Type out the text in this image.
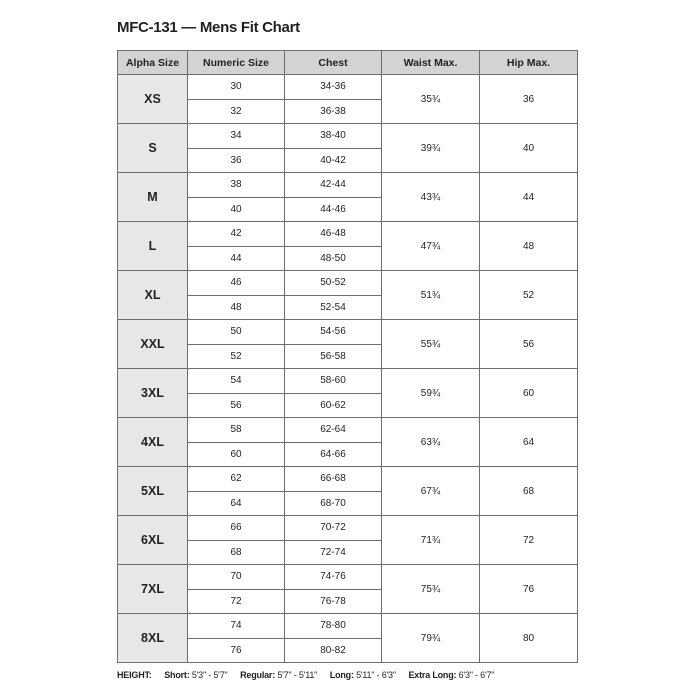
MFC-131 — Mens Fit Chart
Alpha Size	Numeric Size	Chest	Waist Max.	Hip Max.
XS	30	34-36	35¾	36
	32	36-38		
S	34	38-40	39¾	40
	36	40-42		
M	38	42-44	43¾	44
	40	44-46		
L	42	46-48	47¾	48
	44	48-50		
XL	46	50-52	51¾	52
	48	52-54		
XXL	50	54-56	55¾	56
	52	56-58		
3XL	54	58-60	59¾	60
	56	60-62		
4XL	58	62-64	63¾	64
	60	64-66		
5XL	62	66-68	67¾	68
	64	68-70		
6XL	66	70-72	71¾	72
	68	72-74		
7XL	70	74-76	75¾	76
	72	76-78		
8XL	74	78-80	79¾	80
	76	80-82		
HEIGHT: Short: 5'3" - 5'7" Regular: 5'7" - 5'11" Long: 5'11" - 6'3" Extra Long: 6'3" - 6'7"
